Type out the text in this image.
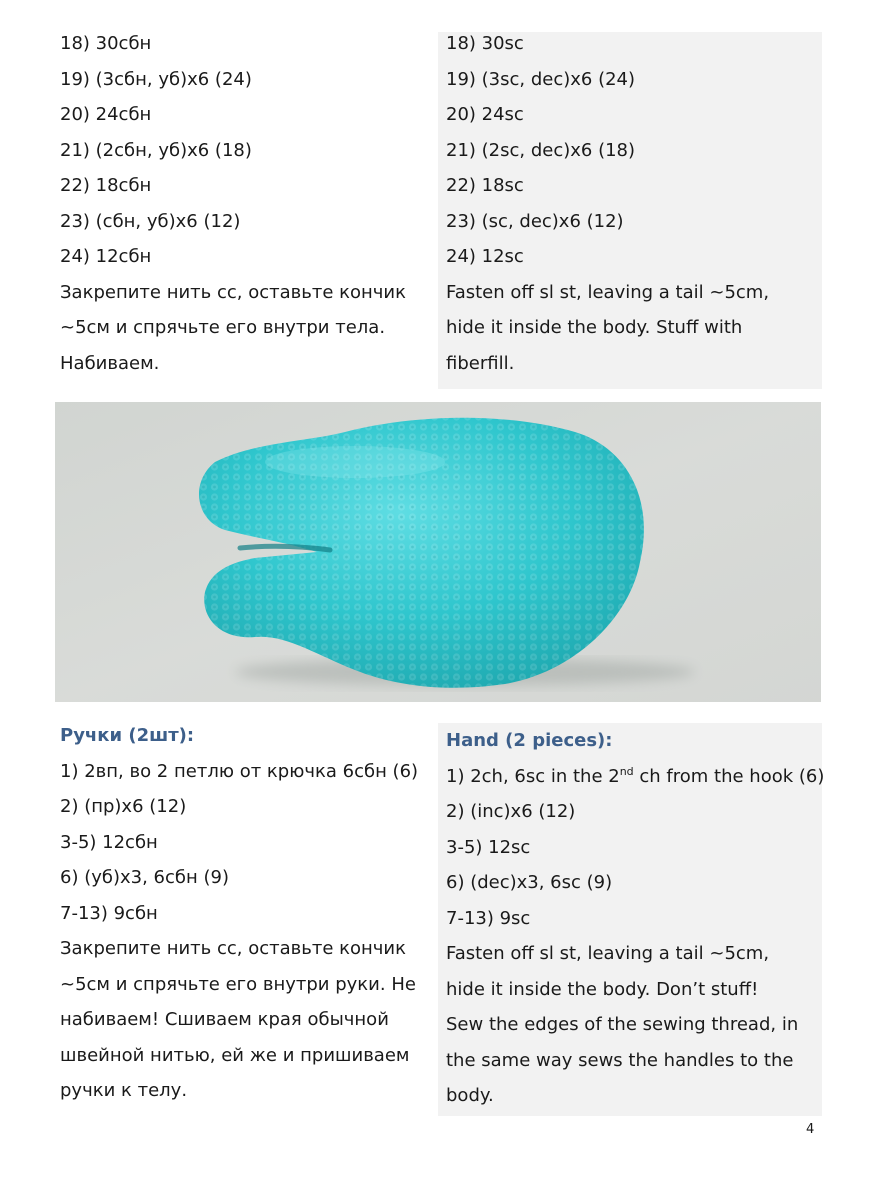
18) 30сбн

19) (3сбн, уб)х6 (24)

20) 24сбн

21) (2сбн, уб)х6 (18)

22) 18сбн

23) (сбн, уб)х6 (12)

24) 12сбн

Закрепите нить сс, оставьте кончик

~5см и спрячьте его внутри тела.

Набиваем.

18) 30sc

19) (3sc, dec)x6 (24)

20) 24sc

21) (2sc, dec)x6 (18)

22) 18sc

23) (sc, dec)x6 (12)

24) 12sc

Fasten off sl st, leaving a tail ~5cm,

hide it inside the body. Stuff with

fiberfill.

Ручки (2шт):

1) 2вп, во 2 петлю от крючка 6сбн (6)

2) (пр)х6 (12)

3-5) 12сбн

6) (уб)х3, 6сбн (9)

7-13) 9сбн

Закрепите нить сс, оставьте кончик

~5см и спрячьте его внутри руки. Не

набиваем! Сшиваем края обычной

швейной нитью, ей же и пришиваем

ручки к телу.

Hand (2 pieces):

1) 2ch, 6sc in the 2nd ch from the hook (6)

2) (inc)x6 (12)

3-5) 12sc

6) (dec)x3, 6sc (9)

7-13) 9sc

Fasten off sl st, leaving a tail ~5cm,

hide it inside the body. Don’t stuff!

Sew the edges of the sewing thread, in

the same way sews the handles to the

body.

4
